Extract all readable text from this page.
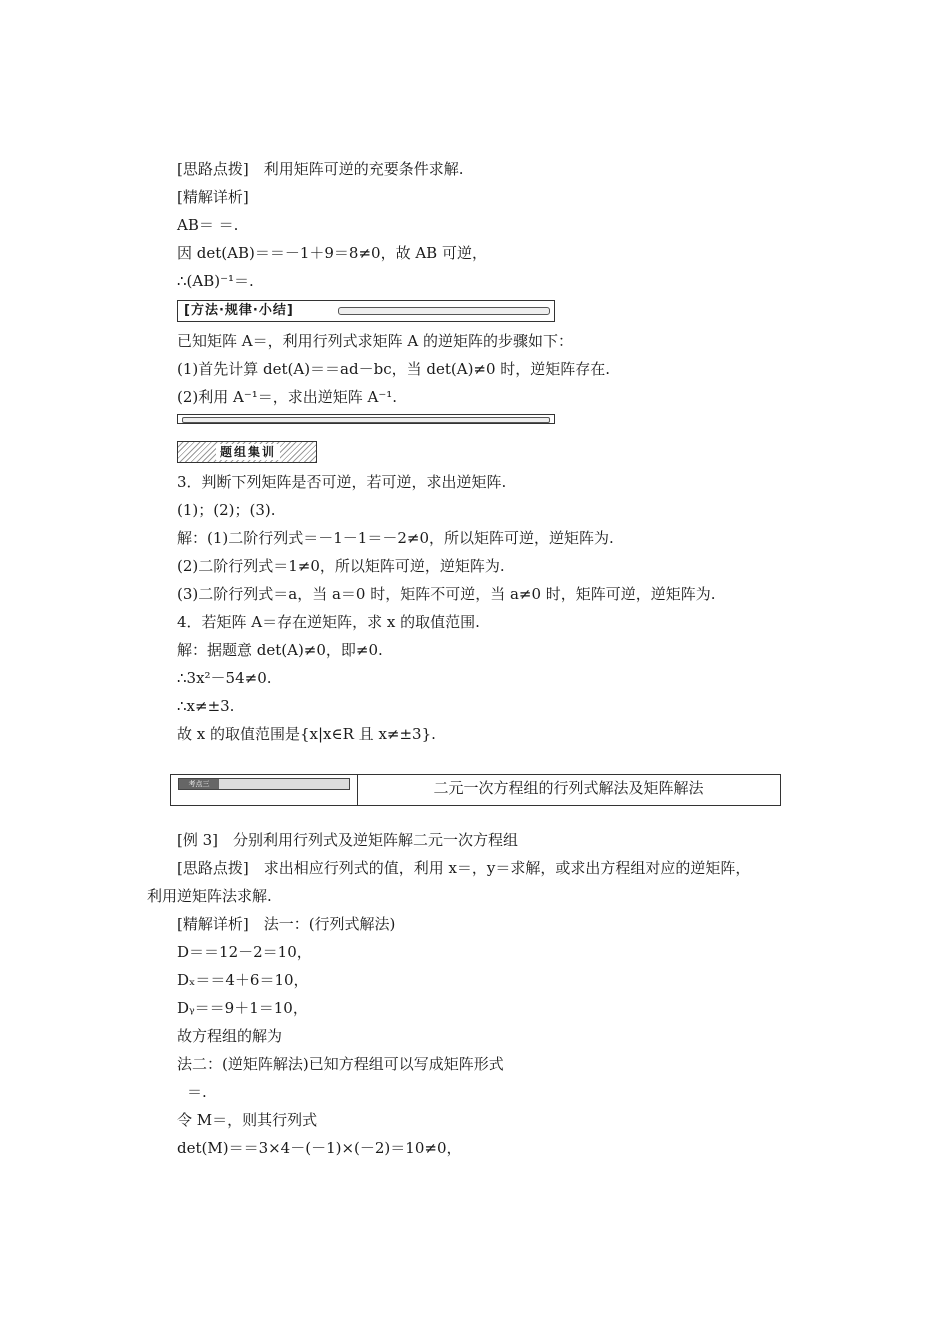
[思路点拨]　利用矩阵可逆的充要条件求解.
[精解详析]
AB＝ ＝.
因 det(AB)＝＝－1＋9＝8≠0，故 AB 可逆，
∴(AB)⁻¹＝.
[方法·规律·小结]
已知矩阵 A＝，利用行列式求矩阵 A 的逆矩阵的步骤如下：
(1)首先计算 det(A)＝＝ad－bc，当 det(A)≠0 时，逆矩阵存在.
(2)利用 A⁻¹＝，求出逆矩阵 A⁻¹.
题组集训
3．判断下列矩阵是否可逆，若可逆，求出逆矩阵.
(1)；(2)；(3).
解：(1)二阶行列式＝－1－1＝－2≠0，所以矩阵可逆，逆矩阵为.
(2)二阶行列式＝1≠0，所以矩阵可逆，逆矩阵为.
(3)二阶行列式＝a，当 a＝0 时，矩阵不可逆，当 a≠0 时，矩阵可逆，逆矩阵为.
4．若矩阵 A＝存在逆矩阵，求 x 的取值范围.
解：据题意 det(A)≠0，即≠0.
∴3x²－54≠0.
∴x≠±3.
故 x 的取值范围是{x|x∈R 且 x≠±3}.
考点三	二元一次方程组的行列式解法及矩阵解法
[例 3]　分别利用行列式及逆矩阵解二元一次方程组
[思路点拨]　求出相应行列式的值，利用 x＝，y＝求解，或求出方程组对应的逆矩阵，
利用逆矩阵法求解.
[精解详析]　法一：(行列式解法)
D＝＝12－2＝10，
Dₓ＝＝4＋6＝10，
Dᵧ＝＝9＋1＝10，
故方程组的解为
法二：(逆矩阵解法)已知方程组可以写成矩阵形式
＝.
令 M＝，则其行列式
det(M)＝＝3×4－(－1)×(－2)＝10≠0，
